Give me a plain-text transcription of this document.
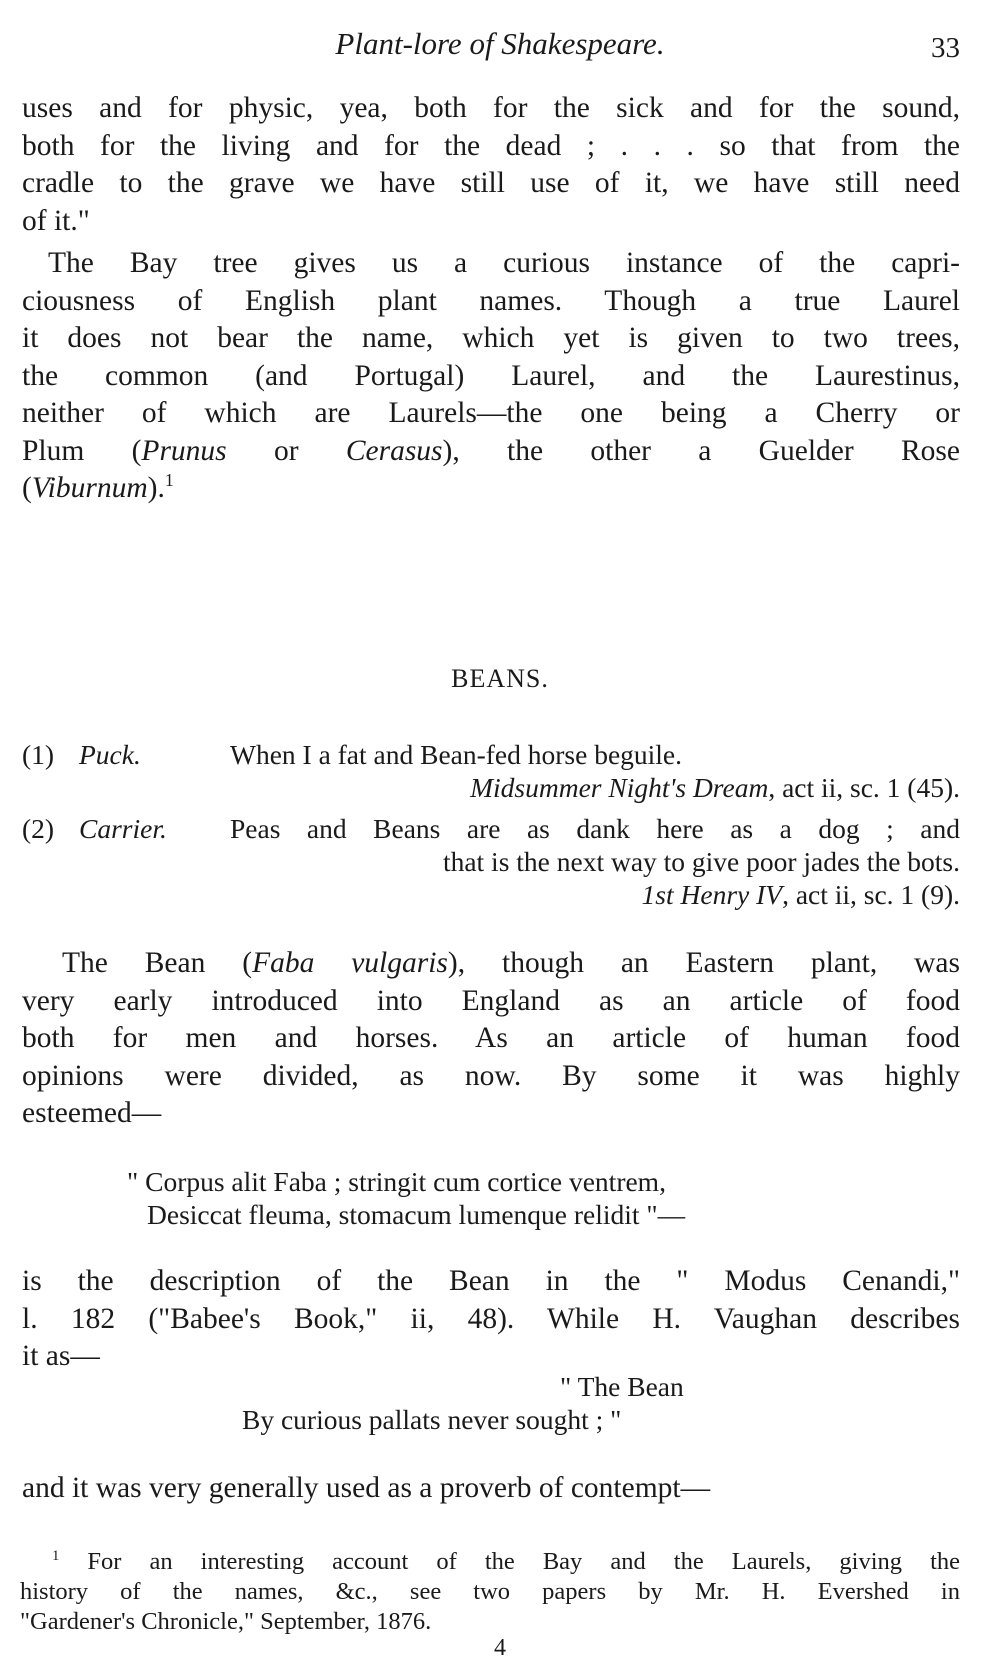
Plant-lore of Shakespeare.	33
uses and for physic, yea, both for the sick and for the sound,
both for the living and for the dead ; . . . so that from the
cradle to the grave we have still use of it, we have still need
of it."
The Bay tree gives us a curious instance of the capri-
ciousness of English plant names. Though a true Laurel
it does not bear the name, which yet is given to two trees,
the common (and Portugal) Laurel, and the Laurestinus,
neither of which are Laurels—the one being a Cherry or
Plum (Prunus or Cerasus), the other a Guelder Rose
(Viburnum).$^1$
BEANS.
(1) Puck.	When I a fat and Bean-fed horse beguile.
Midsummer Night's Dream, act ii, sc. 1 (45).
(2) Carrier. Peas and Beans are as dank here as a dog ; and
that is the next way to give poor jades the bots.
1st Henry IV, act ii, sc. 1 (9).
The Bean (Faba vulgaris), though an Eastern plant, was
very early introduced into England as an article of food
both for men and horses. As an article of human food
opinions were divided, as now. By some it was highly
esteemed—
" Corpus alit Faba ; stringit cum cortice ventrem,
Desiccat fleuma, stomacum lumenque relidit "—
is the description of the Bean in the " Modus Cenandi,"
l. 182 ("Babee's Book," ii, 48). While H. Vaughan describes
it as—
" The Bean
By curious pallats never sought ; "
and it was very generally used as a proverb of contempt—
$^1$ For an interesting account of the Bay and the Laurels, giving the
history of the names, &c., see two papers by Mr. H. Evershed in
"Gardener's Chronicle," September, 1876.
4
